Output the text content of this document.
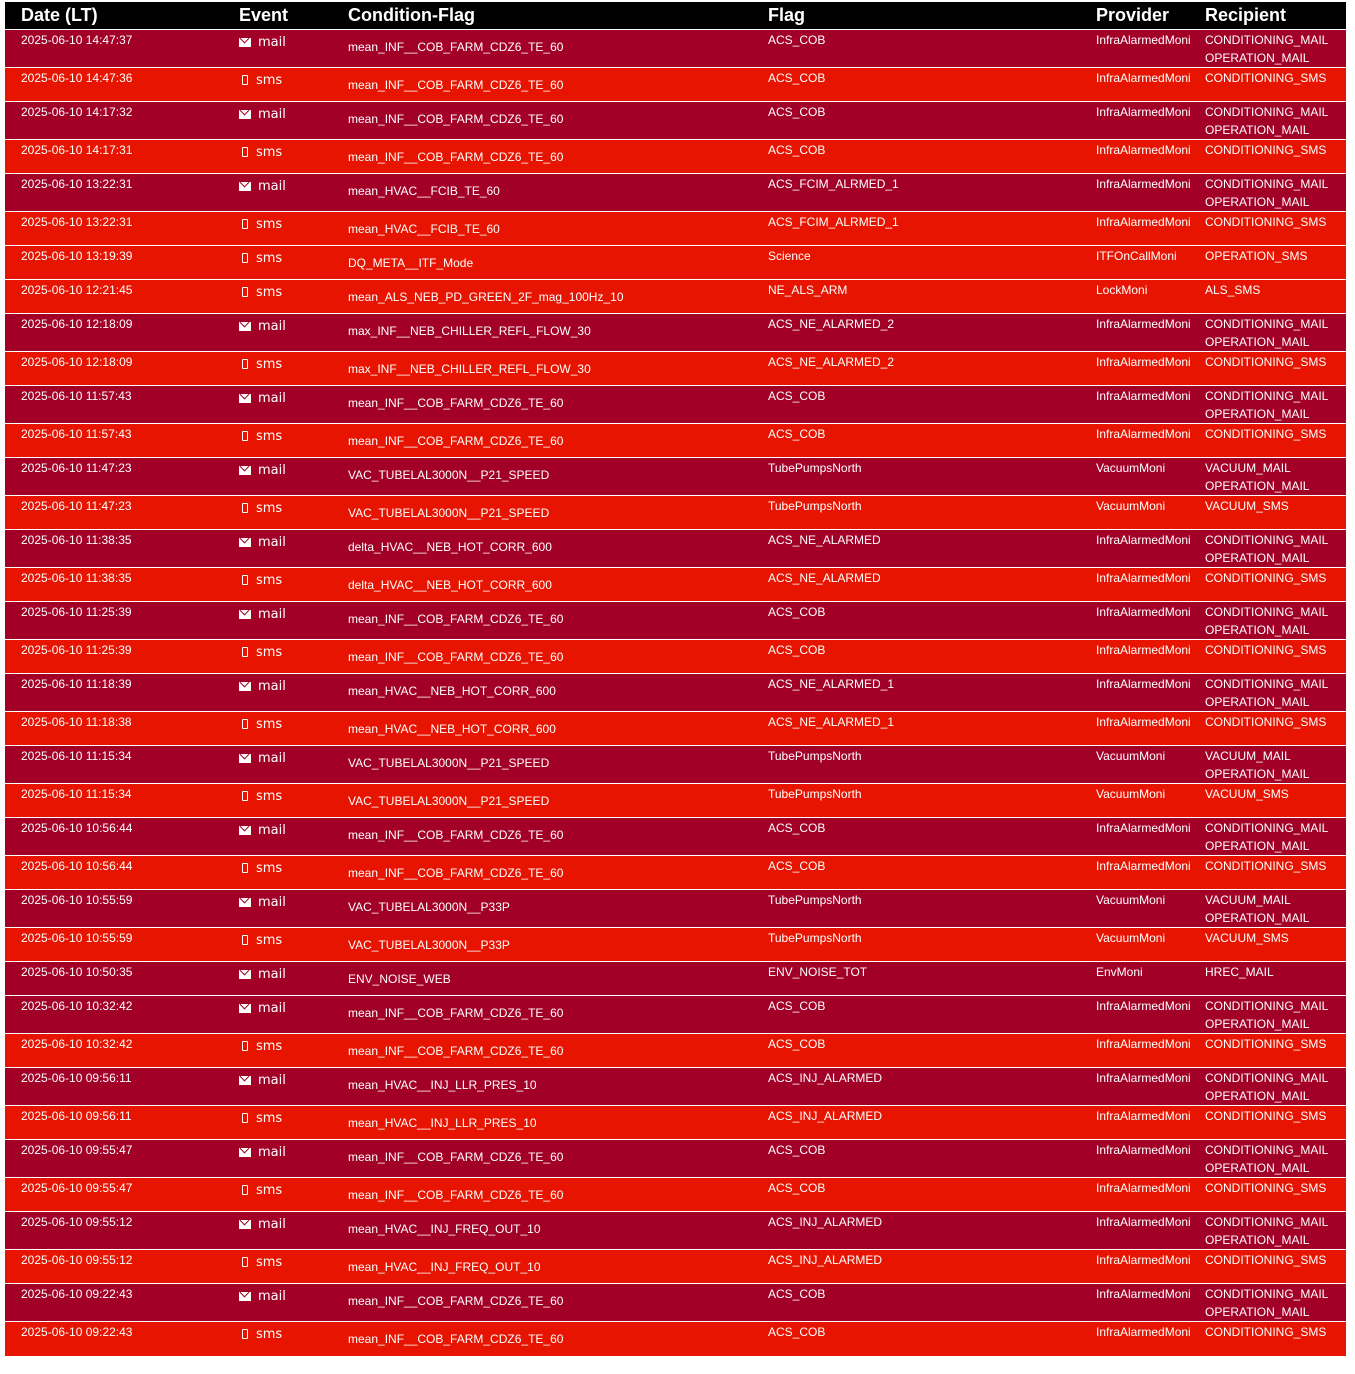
Date (LT)	Event	Condition-Flag	Flag	Provider	Recipient
2025-06-10 14:47:37	mail	mean_INF__COB_FARM_CDZ6_TE_60	ACS_COB	InfraAlarmedMoni	CONDITIONING_MAIL
OPERATION_MAIL

2025-06-10 14:47:36	sms	mean_INF__COB_FARM_CDZ6_TE_60	ACS_COB	InfraAlarmedMoni	CONDITIONING_SMS

2025-06-10 14:17:32	mail	mean_INF__COB_FARM_CDZ6_TE_60	ACS_COB	InfraAlarmedMoni	CONDITIONING_MAIL
OPERATION_MAIL

2025-06-10 14:17:31	sms	mean_INF__COB_FARM_CDZ6_TE_60	ACS_COB	InfraAlarmedMoni	CONDITIONING_SMS

2025-06-10 13:22:31	mail	mean_HVAC__FCIB_TE_60	ACS_FCIM_ALRMED_1	InfraAlarmedMoni	CONDITIONING_MAIL
OPERATION_MAIL

2025-06-10 13:22:31	sms	mean_HVAC__FCIB_TE_60	ACS_FCIM_ALRMED_1	InfraAlarmedMoni	CONDITIONING_SMS

2025-06-10 13:19:39	sms	DQ_META__ITF_Mode	Science	ITFOnCallMoni	OPERATION_SMS

2025-06-10 12:21:45	sms	mean_ALS_NEB_PD_GREEN_2F_mag_100Hz_10	NE_ALS_ARM	LockMoni	ALS_SMS

2025-06-10 12:18:09	mail	max_INF__NEB_CHILLER_REFL_FLOW_30	ACS_NE_ALARMED_2	InfraAlarmedMoni	CONDITIONING_MAIL
OPERATION_MAIL

2025-06-10 12:18:09	sms	max_INF__NEB_CHILLER_REFL_FLOW_30	ACS_NE_ALARMED_2	InfraAlarmedMoni	CONDITIONING_SMS

2025-06-10 11:57:43	mail	mean_INF__COB_FARM_CDZ6_TE_60	ACS_COB	InfraAlarmedMoni	CONDITIONING_MAIL
OPERATION_MAIL

2025-06-10 11:57:43	sms	mean_INF__COB_FARM_CDZ6_TE_60	ACS_COB	InfraAlarmedMoni	CONDITIONING_SMS

2025-06-10 11:47:23	mail	VAC_TUBELAL3000N__P21_SPEED	TubePumpsNorth	VacuumMoni	VACUUM_MAIL
OPERATION_MAIL

2025-06-10 11:47:23	sms	VAC_TUBELAL3000N__P21_SPEED	TubePumpsNorth	VacuumMoni	VACUUM_SMS

2025-06-10 11:38:35	mail	delta_HVAC__NEB_HOT_CORR_600	ACS_NE_ALARMED	InfraAlarmedMoni	CONDITIONING_MAIL
OPERATION_MAIL

2025-06-10 11:38:35	sms	delta_HVAC__NEB_HOT_CORR_600	ACS_NE_ALARMED	InfraAlarmedMoni	CONDITIONING_SMS

2025-06-10 11:25:39	mail	mean_INF__COB_FARM_CDZ6_TE_60	ACS_COB	InfraAlarmedMoni	CONDITIONING_MAIL
OPERATION_MAIL

2025-06-10 11:25:39	sms	mean_INF__COB_FARM_CDZ6_TE_60	ACS_COB	InfraAlarmedMoni	CONDITIONING_SMS

2025-06-10 11:18:39	mail	mean_HVAC__NEB_HOT_CORR_600	ACS_NE_ALARMED_1	InfraAlarmedMoni	CONDITIONING_MAIL
OPERATION_MAIL

2025-06-10 11:18:38	sms	mean_HVAC__NEB_HOT_CORR_600	ACS_NE_ALARMED_1	InfraAlarmedMoni	CONDITIONING_SMS

2025-06-10 11:15:34	mail	VAC_TUBELAL3000N__P21_SPEED	TubePumpsNorth	VacuumMoni	VACUUM_MAIL
OPERATION_MAIL

2025-06-10 11:15:34	sms	VAC_TUBELAL3000N__P21_SPEED	TubePumpsNorth	VacuumMoni	VACUUM_SMS

2025-06-10 10:56:44	mail	mean_INF__COB_FARM_CDZ6_TE_60	ACS_COB	InfraAlarmedMoni	CONDITIONING_MAIL
OPERATION_MAIL

2025-06-10 10:56:44	sms	mean_INF__COB_FARM_CDZ6_TE_60	ACS_COB	InfraAlarmedMoni	CONDITIONING_SMS

2025-06-10 10:55:59	mail	VAC_TUBELAL3000N__P33P	TubePumpsNorth	VacuumMoni	VACUUM_MAIL
OPERATION_MAIL

2025-06-10 10:55:59	sms	VAC_TUBELAL3000N__P33P	TubePumpsNorth	VacuumMoni	VACUUM_SMS

2025-06-10 10:50:35	mail	ENV_NOISE_WEB	ENV_NOISE_TOT	EnvMoni	HREC_MAIL

2025-06-10 10:32:42	mail	mean_INF__COB_FARM_CDZ6_TE_60	ACS_COB	InfraAlarmedMoni	CONDITIONING_MAIL
OPERATION_MAIL

2025-06-10 10:32:42	sms	mean_INF__COB_FARM_CDZ6_TE_60	ACS_COB	InfraAlarmedMoni	CONDITIONING_SMS

2025-06-10 09:56:11	mail	mean_HVAC__INJ_LLR_PRES_10	ACS_INJ_ALARMED	InfraAlarmedMoni	CONDITIONING_MAIL
OPERATION_MAIL

2025-06-10 09:56:11	sms	mean_HVAC__INJ_LLR_PRES_10	ACS_INJ_ALARMED	InfraAlarmedMoni	CONDITIONING_SMS

2025-06-10 09:55:47	mail	mean_INF__COB_FARM_CDZ6_TE_60	ACS_COB	InfraAlarmedMoni	CONDITIONING_MAIL
OPERATION_MAIL

2025-06-10 09:55:47	sms	mean_INF__COB_FARM_CDZ6_TE_60	ACS_COB	InfraAlarmedMoni	CONDITIONING_SMS

2025-06-10 09:55:12	mail	mean_HVAC__INJ_FREQ_OUT_10	ACS_INJ_ALARMED	InfraAlarmedMoni	CONDITIONING_MAIL
OPERATION_MAIL

2025-06-10 09:55:12	sms	mean_HVAC__INJ_FREQ_OUT_10	ACS_INJ_ALARMED	InfraAlarmedMoni	CONDITIONING_SMS

2025-06-10 09:22:43	mail	mean_INF__COB_FARM_CDZ6_TE_60	ACS_COB	InfraAlarmedMoni	CONDITIONING_MAIL
OPERATION_MAIL

2025-06-10 09:22:43	sms	mean_INF__COB_FARM_CDZ6_TE_60	ACS_COB	InfraAlarmedMoni	CONDITIONING_SMS
